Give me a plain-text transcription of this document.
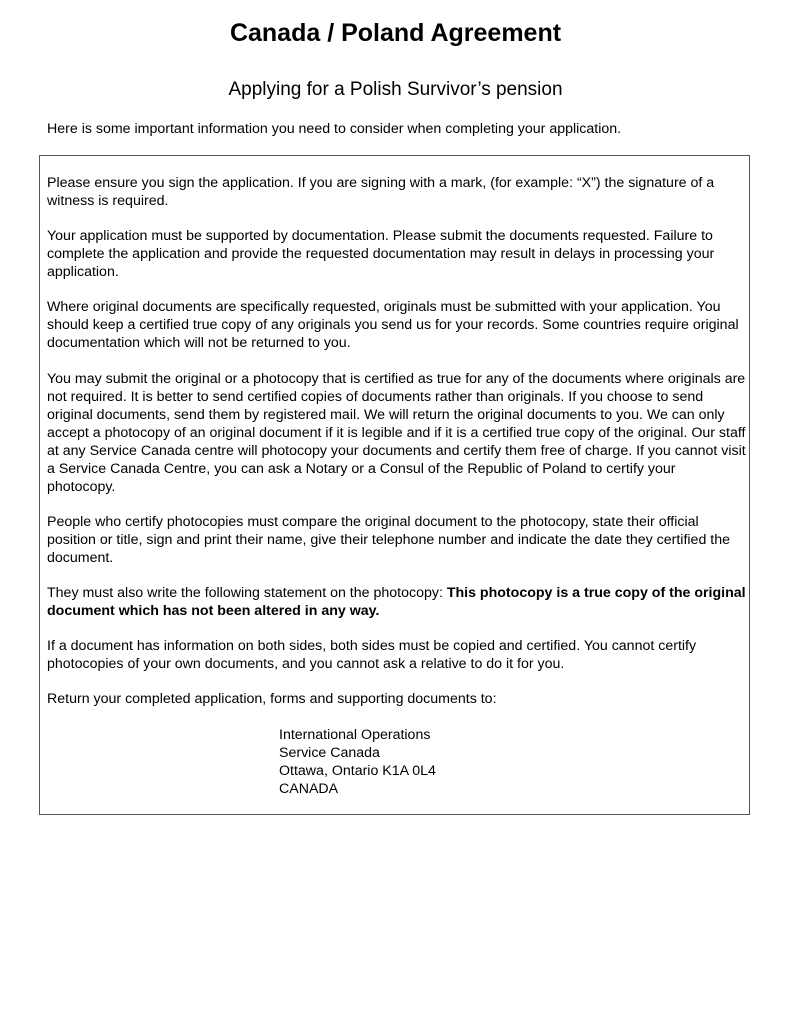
Canada / Poland Agreement
Applying for a Polish Survivor’s pension
Here is some important information you need to consider when completing your application.

Please ensure you sign the application. If you are signing with a mark, (for example: “X”) the signature of a witness is required.

Your application must be supported by documentation. Please submit the documents requested. Failure to complete the application and provide the requested documentation may result in delays in processing your application.

Where original documents are specifically requested, originals must be submitted with your application. You should keep a certified true copy of any originals you send us for your records. Some countries require original documentation which will not be returned to you.

You may submit the original or a photocopy that is certified as true for any of the documents where originals are not required. It is better to send certified copies of documents rather than originals. If you choose to send original documents, send them by registered mail. We will return the original documents to you. We can only accept a photocopy of an original document if it is legible and if it is a certified true copy of the original. Our staff at any Service Canada centre will photocopy your documents and certify them free of charge. If you cannot visit a Service Canada Centre, you can ask a Notary or a Consul of the Republic of Poland to certify your photocopy.

People who certify photocopies must compare the original document to the photocopy, state their official position or title, sign and print their name, give their telephone number and indicate the date they certified the document.

They must also write the following statement on the photocopy: This photocopy is a true copy of the original document which has not been altered in any way.

If a document has information on both sides, both sides must be copied and certified. You cannot certify photocopies of your own documents, and you cannot ask a relative to do it for you.

Return your completed application, forms and supporting documents to:

International Operations
Service Canada
Ottawa, Ontario K1A 0L4
CANADA
